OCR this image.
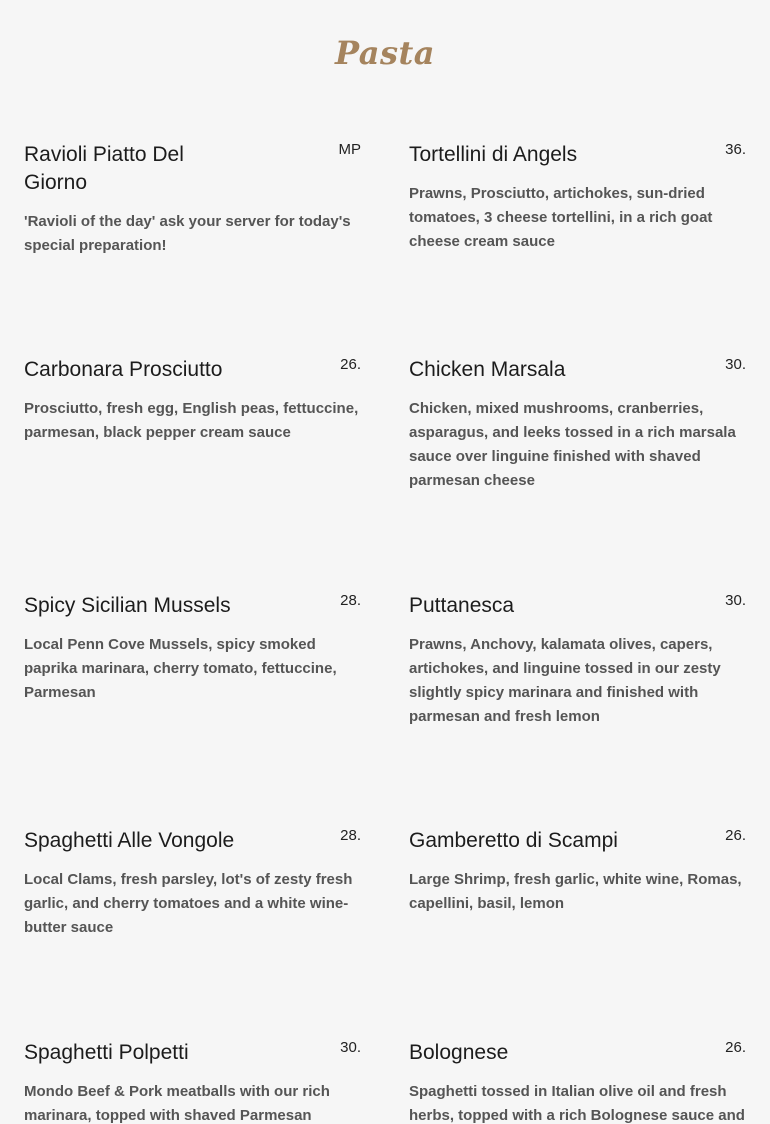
Pasta
Ravioli Piatto Del Giorno
MP

'Ravioli of the day' ask your server for today's special preparation!

Tortellini di Angels	36.

Prawns, Prosciutto, artichokes, sun-dried tomatoes, 3 cheese tortellini, in a rich goat cheese cream sauce

Carbonara Prosciutto	26.

Prosciutto, fresh egg, English peas, fettuccine, parmesan, black pepper cream sauce

Chicken Marsala	30.

Chicken, mixed mushrooms, cranberries, asparagus, and leeks tossed in a rich marsala sauce over linguine finished with shaved parmesan cheese

Spicy Sicilian Mussels	28.

Local Penn Cove Mussels, spicy smoked paprika marinara, cherry tomato, fettuccine, Parmesan

Puttanesca	30.

Prawns, Anchovy, kalamata olives, capers, artichokes, and linguine tossed in our zesty slightly spicy marinara and finished with parmesan and fresh lemon

Spaghetti Alle Vongole	28.

Local Clams, fresh parsley, lot's of zesty fresh garlic, and cherry tomatoes and a white wine-butter sauce

Gamberetto di Scampi	26.

Large Shrimp, fresh garlic, white wine, Romas, capellini, basil, lemon

Spaghetti Polpetti	30.

Mondo Beef & Pork meatballs with our rich marinara, topped with shaved Parmesan

Bolognese	26.

Spaghetti tossed in Italian olive oil and fresh herbs, topped with a rich Bolognese sauce and
